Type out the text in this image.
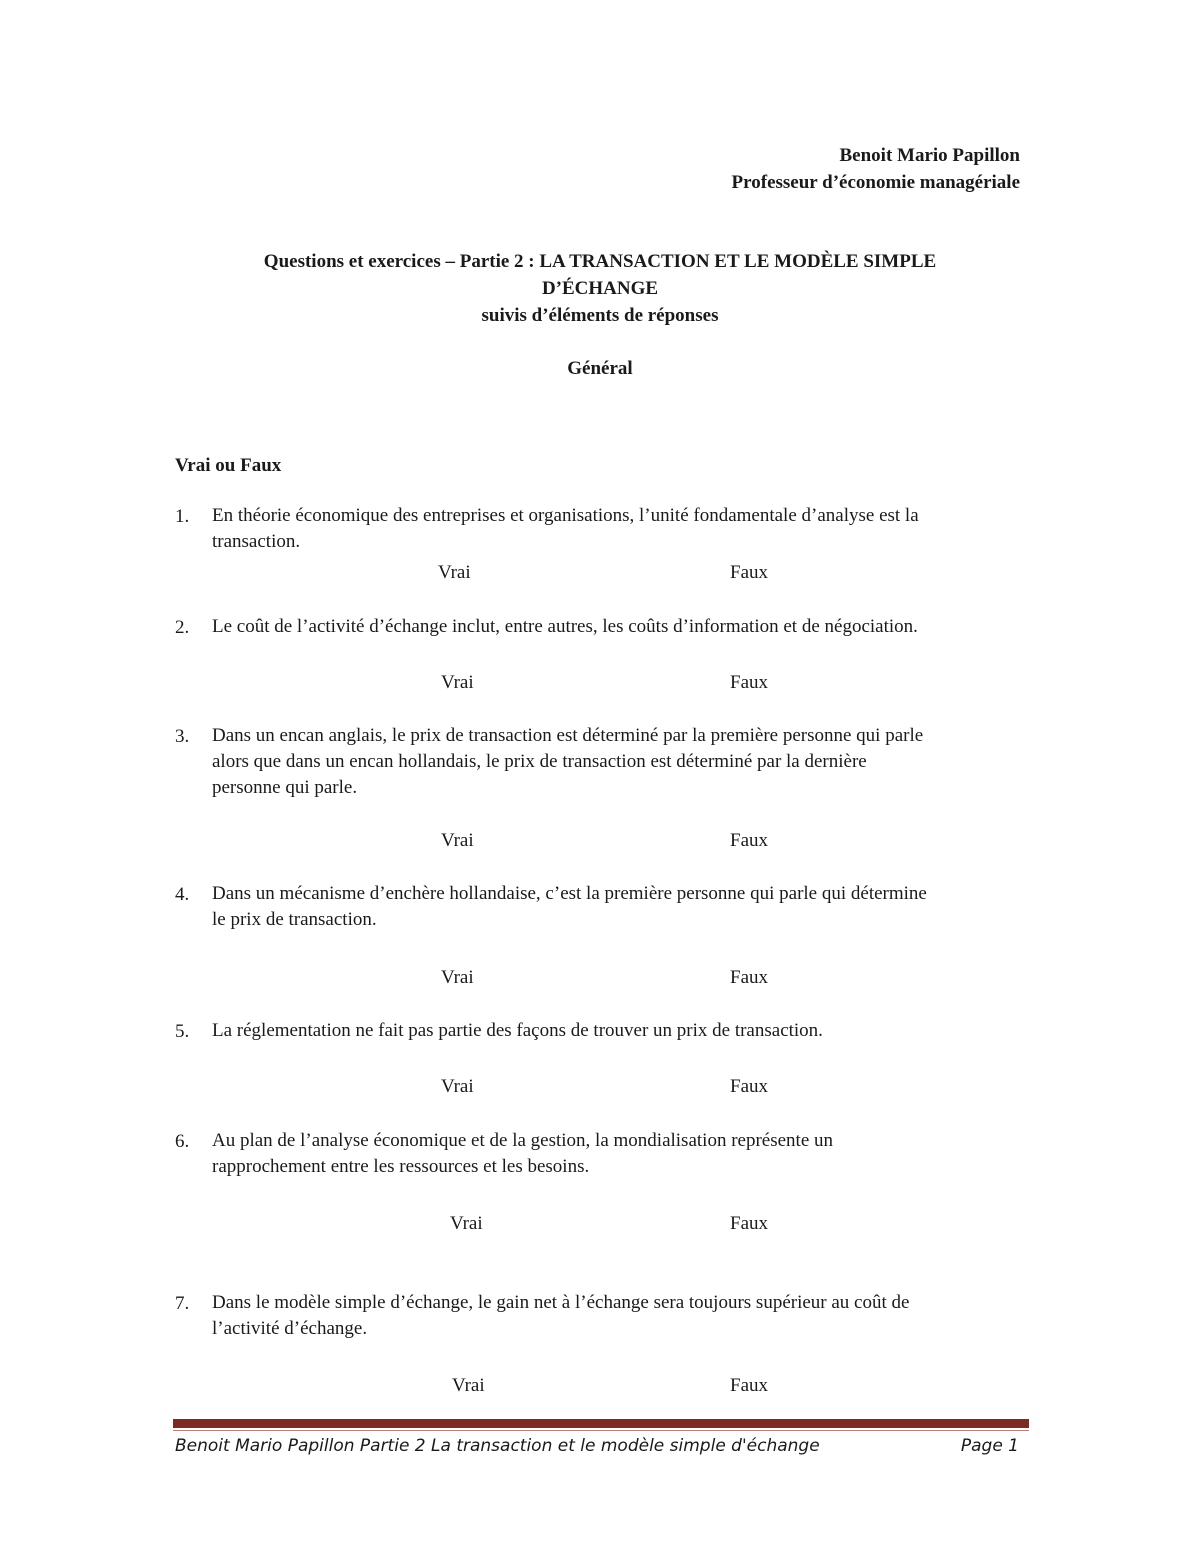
Benoit Mario Papillon
Professeur d’économie managériale
Questions et exercices – Partie 2 : LA TRANSACTION ET LE MODÈLE SIMPLE
D’ÉCHANGE
suivis d’éléments de réponses
Général
Vrai ou Faux
1. En théorie économique des entreprises et organisations, l’unité fondamentale d’analyse est la
transaction.
Vrai	Faux
2. Le coût de l’activité d’échange inclut, entre autres, les coûts d’information et de négociation.
Vrai	Faux
3. Dans un encan anglais, le prix de transaction est déterminé par la première personne qui parle
alors que dans un encan hollandais, le prix de transaction est déterminé par la dernière
personne qui parle.
Vrai	Faux
4. Dans un mécanisme d’enchère hollandaise, c’est la première personne qui parle qui détermine
le prix de transaction.
Vrai	Faux
5. La réglementation ne fait pas partie des façons de trouver un prix de transaction.
Vrai	Faux
6. Au plan de l’analyse économique et de la gestion, la mondialisation représente un
rapprochement entre les ressources et les besoins.
Vrai	Faux
7. Dans le modèle simple d’échange, le gain net à l’échange sera toujours supérieur au coût de
l’activité d’échange.
Vrai	Faux
Benoit Mario Papillon Partie 2 La transaction et le modèle simple d'échange	Page 1
